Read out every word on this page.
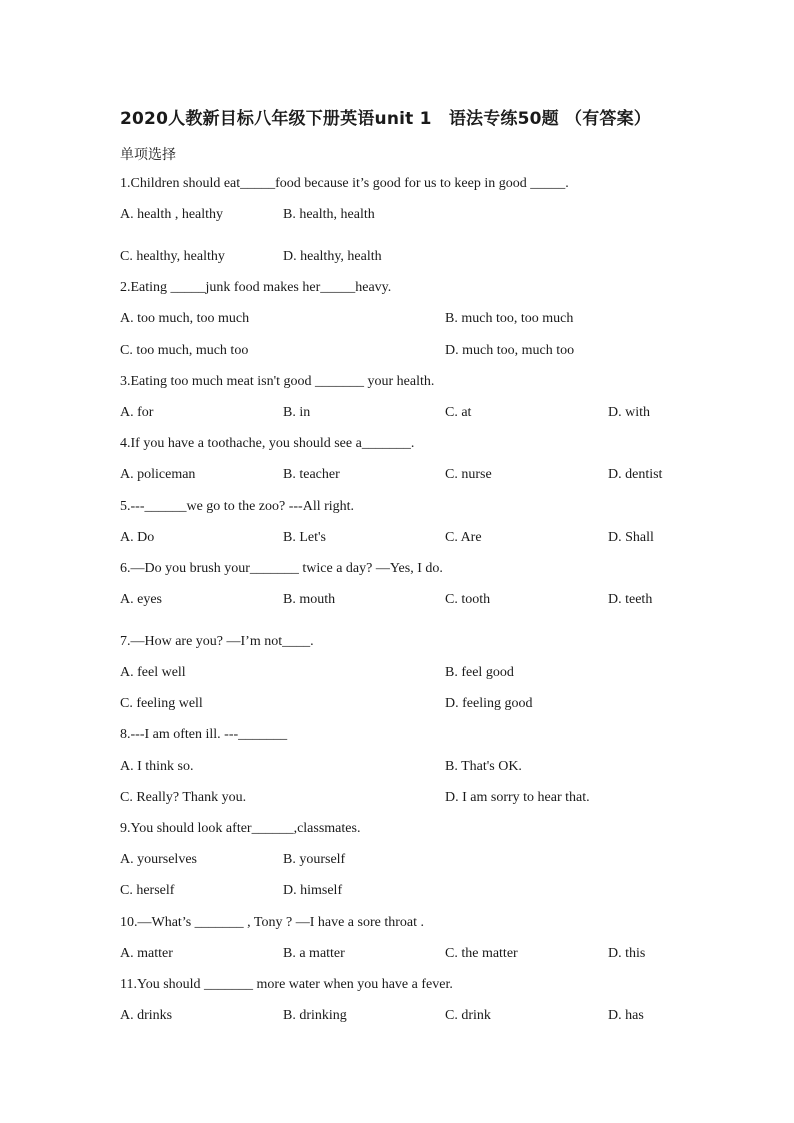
2020人教新目标八年级下册英语unit 1　语法专练50题 （有答案）
单项选择
1.Children should eat_____food because it’s good for us to keep in good _____.
A. health , healthy	B. health, health
C. healthy, healthy	D. healthy, health
2.Eating _____junk food makes her_____heavy.
A. too much, too much	B. much too, too much
C. too much, much too	D. much too, much too
3.Eating too much meat isn't good _______ your health.
A. for	B. in	C. at	D. with
4.If you have a toothache, you should see a_______.
A. policeman	B. teacher	C. nurse	D. dentist
5.---______we go to the zoo? ---All right.
A. Do	B. Let's	C. Are	D. Shall
6.—Do you brush your_______ twice a day? —Yes, I do.
A. eyes	B. mouth	C. tooth	D. teeth
7.—How are you? —I’m not____.
A. feel well	B. feel good
C. feeling well	D. feeling good
8.---I am often ill. ---_______
A. I think so.	B. That's OK.
C. Really? Thank you.	D. I am sorry to hear that.
9.You should look after______,classmates.
A. yourselves	B. yourself
C. herself	D. himself
10.—What’s _______ , Tony ? —I have a sore throat .
A. matter	B. a matter	C. the matter	D. this
11.You should _______ more water when you have a fever.
A. drinks	B. drinking	C. drink	D. has
